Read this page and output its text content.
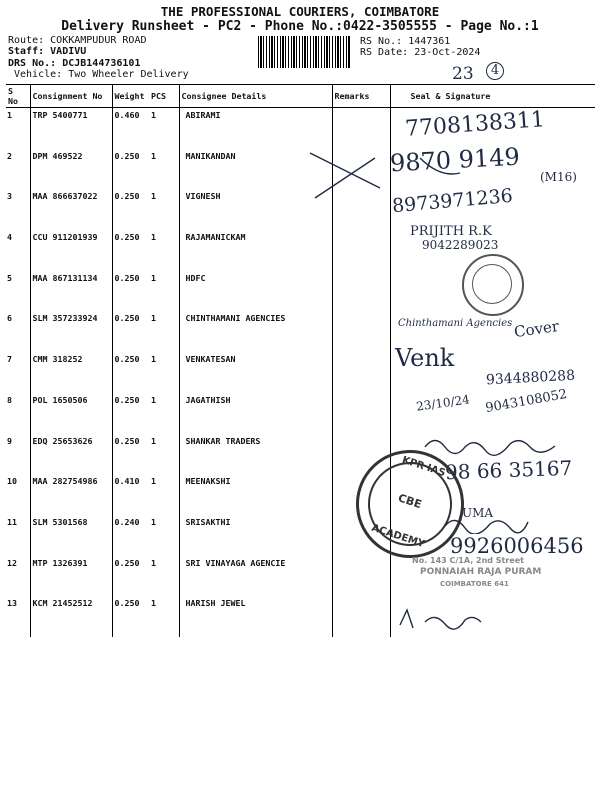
THE PROFESSIONAL COURIERS, COIMBATORE
Delivery Runsheet - PC2 - Phone No.:0422-3505555 - Page No.:1
Route: COKKAMPUDUR ROAD
Staff: VADIVU
DRS No.: DCJB144736101
Vehicle: Two Wheeler Delivery
RS No.: 1447361
RS Date: 23-Oct-2024
23	4
S No	Consignment No	Weight	PCS	Consignee Details	Remarks	Seal & Signature
1	TRP 5400771	0.460	1	ABIRAMI		
2	DPM 469522	0.250	1	MANIKANDAN		
3	MAA 866637022	0.250	1	VIGNESH		
4	CCU 911201939	0.250	1	RAJAMANICKAM		
5	MAA 867131134	0.250	1	HDFC		
6	SLM 357233924	0.250	1	CHINTHAMANI AGENCIES		
7	CMM 318252	0.250	1	VENKATESAN		
8	POL 1650506	0.250	1	JAGATHISH		
9	EDQ 25653626	0.250	1	SHANKAR TRADERS		
10	MAA 282754986	0.410	1	MEENAKSHI		
11	SLM 5301568	0.240	1	SRISAKTHI		
12	MTP 1326391	0.250	1	SRI VINAYAGA AGENCIE		
13	KCM 21452512	0.250	1	HARISH JEWEL		
7708138311
9870 9149 (M16)
8973971236
PRIJITH R.K
9042289023
Chinthamani Agencies Cover
Venk
9344880288
23/10/24 9043108052
98 66 35167
KPR IAS
CBE
ACADEMY
UMA
9926006456
No. 143 C/1A, 2nd Street
PONNAIAH RAJA PURAM
COIMBATORE 641
